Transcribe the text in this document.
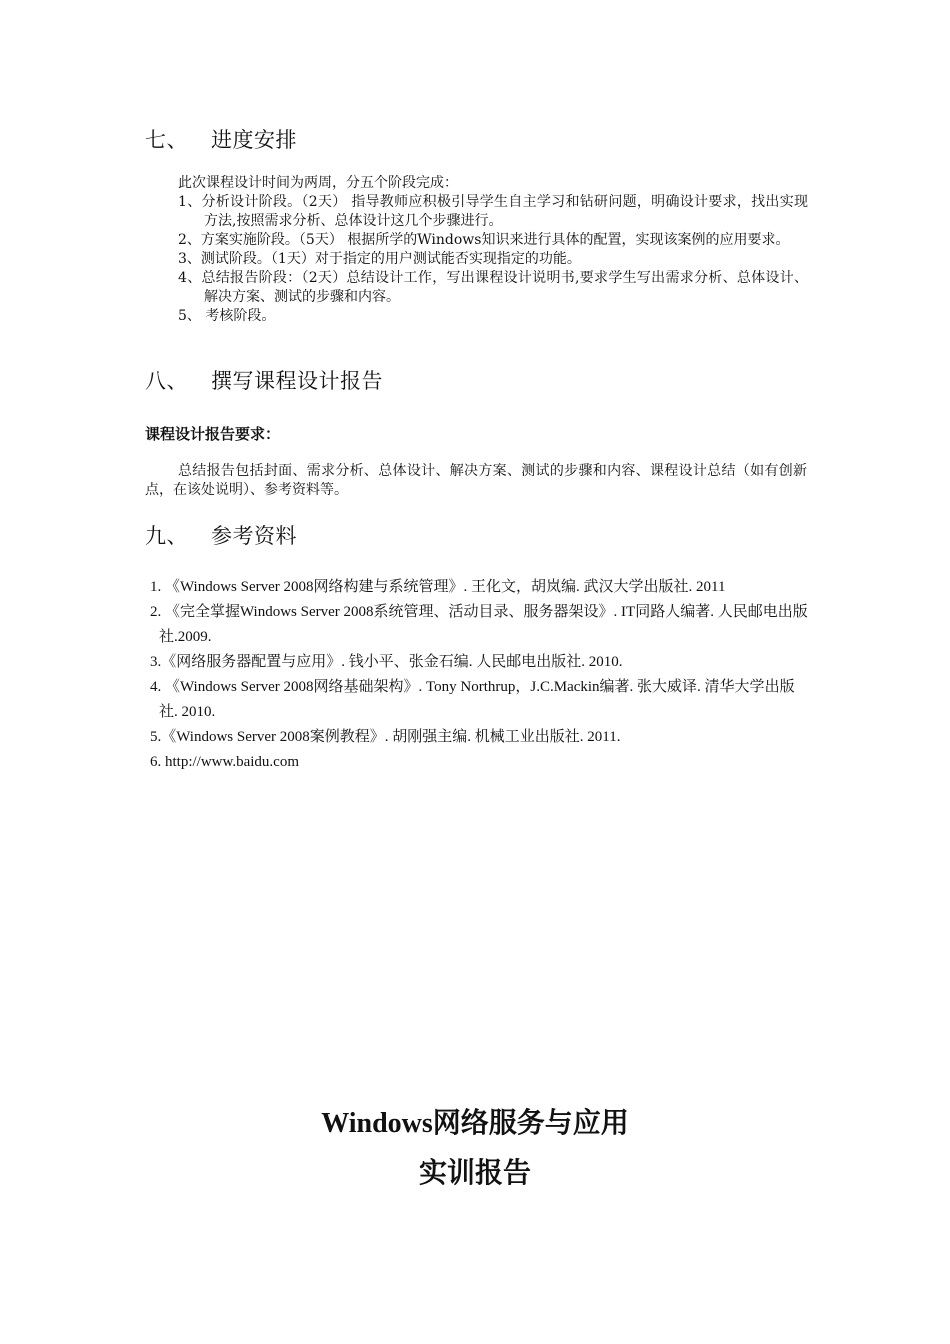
七、 进度安排
此次课程设计时间为两周，分五个阶段完成：
1、分析设计阶段。（2天） 指导教师应积极引导学生自主学习和钻研问题，明确设计要求，找出实现方法,按照需求分析、总体设计这几个步骤进行。
2、方案实施阶段。（5天） 根据所学的Windows知识来进行具体的配置，实现该案例的应用要求。
3、测试阶段。（1天）对于指定的用户测试能否实现指定的功能。
4、总结报告阶段：（2天）总结设计工作，写出课程设计说明书,要求学生写出需求分析、总体设计、解决方案、测试的步骤和内容。
5、 考核阶段。
八、 撰写课程设计报告
课程设计报告要求：

总结报告包括封面、需求分析、总体设计、解决方案、测试的步骤和内容、课程设计总结（如有创新点，在该处说明）、参考资料等。

九、 参考资料
1. 《Windows Server 2008网络构建与系统管理》. 王化文，胡岚编. 武汉大学出版社. 2011
2. 《完全掌握Windows Server 2008系统管理、活动目录、服务器架设》. IT同路人编著. 人民邮电出版社.2009.
3.《网络服务器配置与应用》. 钱小平、张金石编. 人民邮电出版社. 2010.
4. 《Windows Server 2008网络基础架构》. Tony Northrup，J.C.Mackin编著. 张大威译. 清华大学出版社. 2010.
5.《Windows Server 2008案例教程》. 胡刚强主编. 机械工业出版社. 2011.
6. http://www.baidu.com
Windows网络服务与应用
实训报告
